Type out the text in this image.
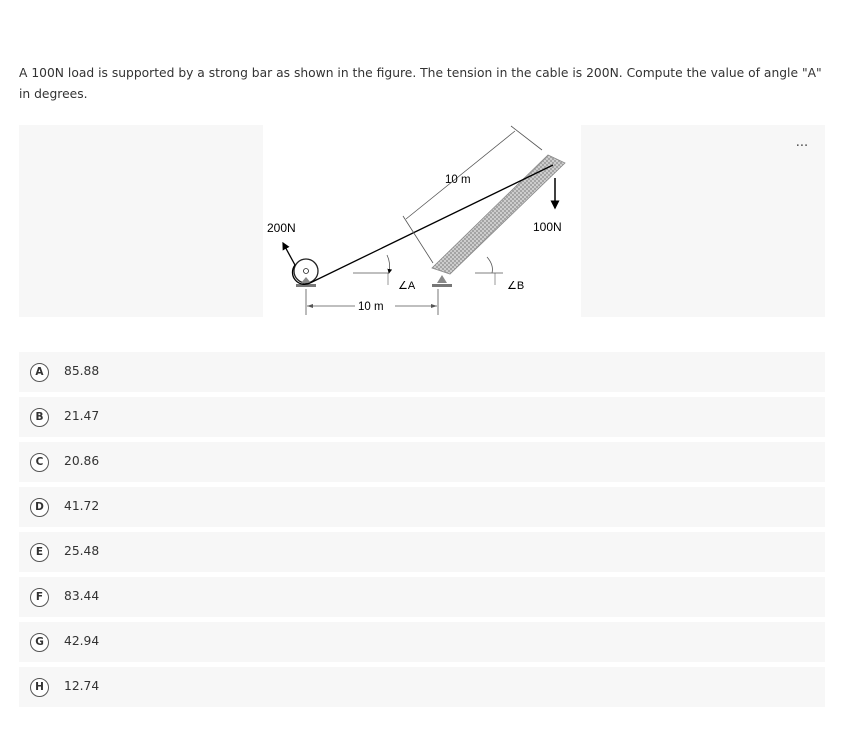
A 100N load is supported by a strong bar as shown in the figure. The tension in the cable is 200N. Compute the value of angle "A" in degrees.
200N	100N
10 m
10 m
∠A	∠B
···
A	85.88
B	21.47
C	20.86
D	41.72
E	25.48
F	83.44
G	42.94
H	12.74
